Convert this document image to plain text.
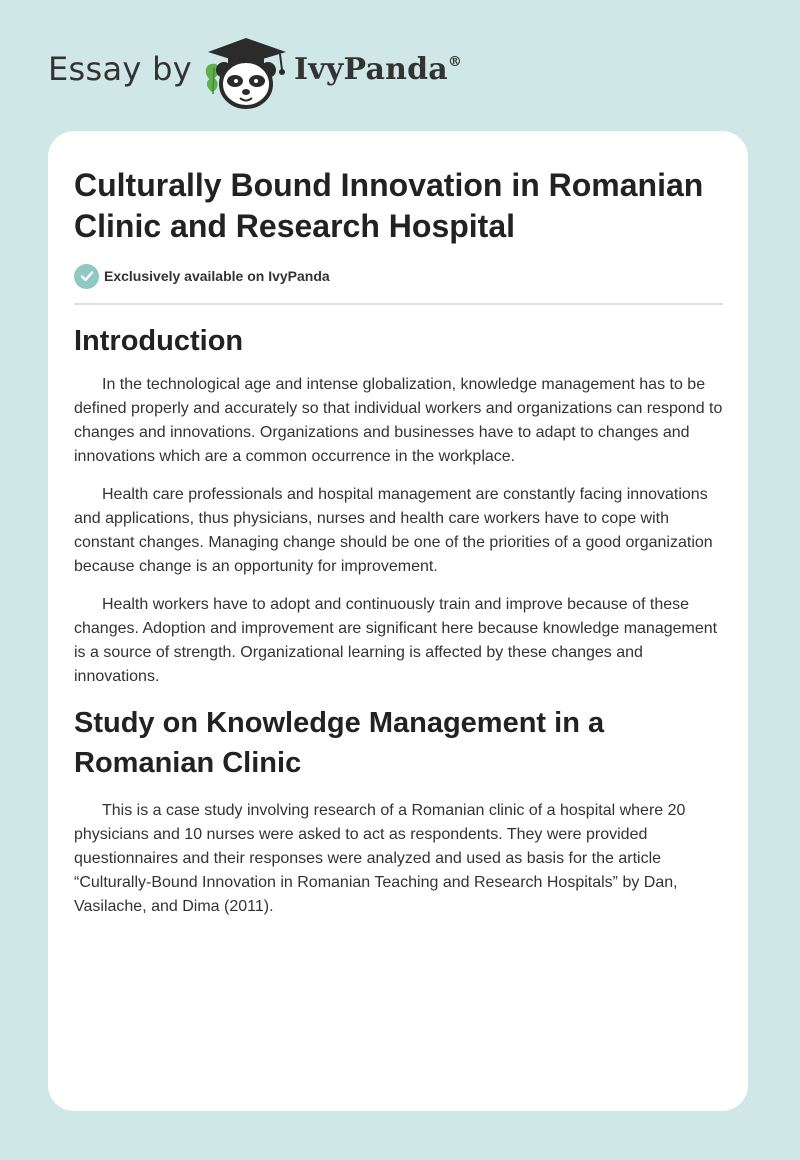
Essay by	IvyPanda®
Culturally Bound Innovation in Romanian Clinic and Research Hospital
Exclusively available on IvyPanda
Introduction

In the technological age and intense globalization, knowledge management has to be defined properly and accurately so that individual workers and organizations can respond to changes and innovations. Organizations and businesses have to adapt to changes and innovations which are a common occurrence in the workplace.

Health care professionals and hospital management are constantly facing innovations and applications, thus physicians, nurses and health care workers have to cope with constant changes. Managing change should be one of the priorities of a good organization because change is an opportunity for improvement.

Health workers have to adopt and continuously train and improve because of these changes. Adoption and improvement are significant here because knowledge management is a source of strength. Organizational learning is affected by these changes and innovations.

Study on Knowledge Management in a Romanian Clinic

This is a case study involving research of a Romanian clinic of a hospital where 20 physicians and 10 nurses were asked to act as respondents. They were provided questionnaires and their responses were analyzed and used as basis for the article “Culturally-Bound Innovation in Romanian Teaching and Research Hospitals” by Dan, Vasilache, and Dima (2011).
